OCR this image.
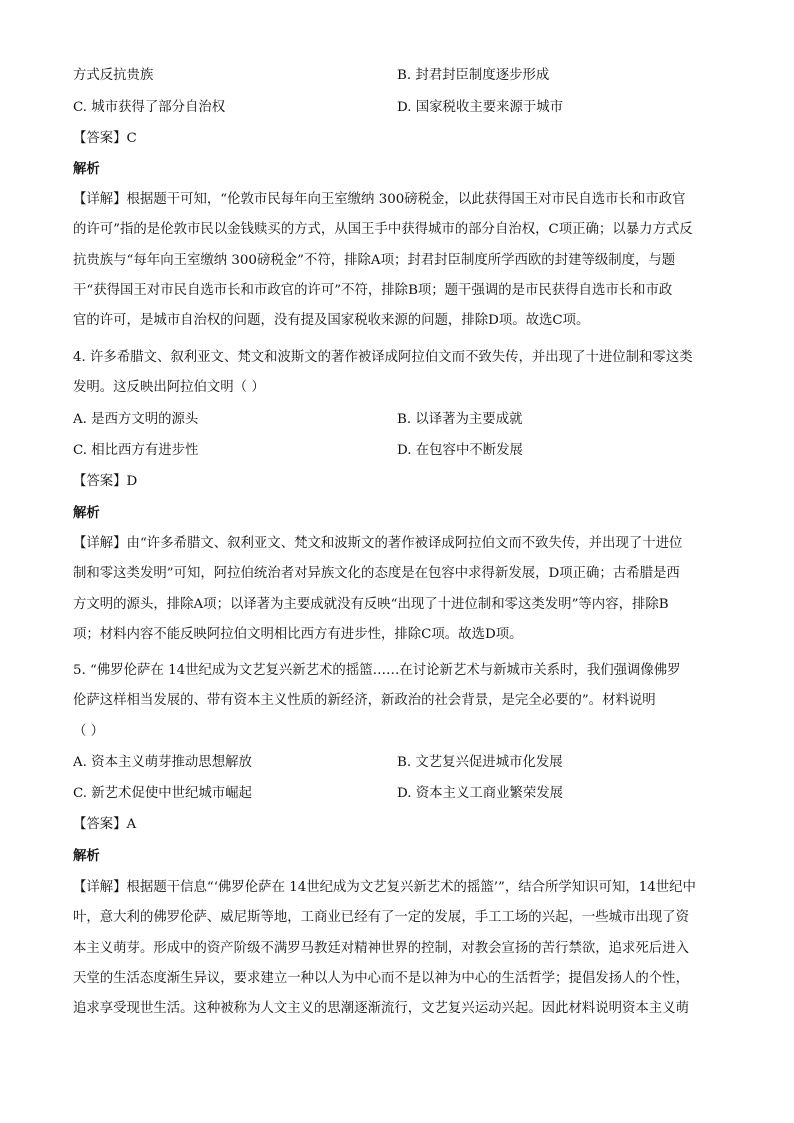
方式反抗贵族	B. 封君封臣制度逐步形成
C. 城市获得了部分自治权	D. 国家税收主要来源于城市
【答案】C
解析
【详解】根据题干可知，“伦敦市民每年向王室缴纳 300磅税金，以此获得国王对市民自选市长和市政官
的许可”指的是伦敦市民以金钱赎买的方式，从国王手中获得城市的部分自治权，C项正确；以暴力方式反
抗贵族与“每年向王室缴纳 300磅税金”不符，排除A项；封君封臣制度所学西欧的封建等级制度，与题
干“获得国王对市民自选市长和市政官的许可”不符，排除B项；题干强调的是市民获得自选市长和市政
官的许可，是城市自治权的问题，没有提及国家税收来源的问题，排除D项。故选C项。
4. 许多希腊文、叙利亚文、梵文和波斯文的著作被译成阿拉伯文而不致失传，并出现了十进位制和零这类
发明。这反映出阿拉伯文明（ ）
A. 是西方文明的源头	B. 以译著为主要成就
C. 相比西方有进步性	D. 在包容中不断发展
【答案】D
解析
【详解】由“许多希腊文、叙利亚文、梵文和波斯文的著作被译成阿拉伯文而不致失传，并出现了十进位
制和零这类发明”可知，阿拉伯统治者对异族文化的态度是在包容中求得新发展，D项正确；古希腊是西
方文明的源头，排除A项；以译著为主要成就没有反映“出现了十进位制和零这类发明”等内容，排除B
项；材料内容不能反映阿拉伯文明相比西方有进步性，排除C项。故选D项。
5. “佛罗伦萨在 14世纪成为文艺复兴新艺术的摇篮……在讨论新艺术与新城市关系时，我们强调像佛罗
伦萨这样相当发展的、带有资本主义性质的新经济，新政治的社会背景，是完全必要的”。材料说明
（ ）
A. 资本主义萌芽推动思想解放	B. 文艺复兴促进城市化发展
C. 新艺术促使中世纪城市崛起	D. 资本主义工商业繁荣发展
【答案】A
解析
【详解】根据题干信息“‘佛罗伦萨在 14世纪成为文艺复兴新艺术的摇篮’”，结合所学知识可知，14世纪中
叶，意大利的佛罗伦萨、威尼斯等地，工商业已经有了一定的发展，手工工场的兴起，一些城市出现了资
本主义萌芽。形成中的资产阶级不满罗马教廷对精神世界的控制，对教会宣扬的苦行禁欲，追求死后进入
天堂的生活态度渐生异议，要求建立一种以人为中心而不是以神为中心的生活哲学；提倡发扬人的个性，
追求享受现世生活。这种被称为人文主义的思潮逐渐流行，文艺复兴运动兴起。因此材料说明资本主义萌
